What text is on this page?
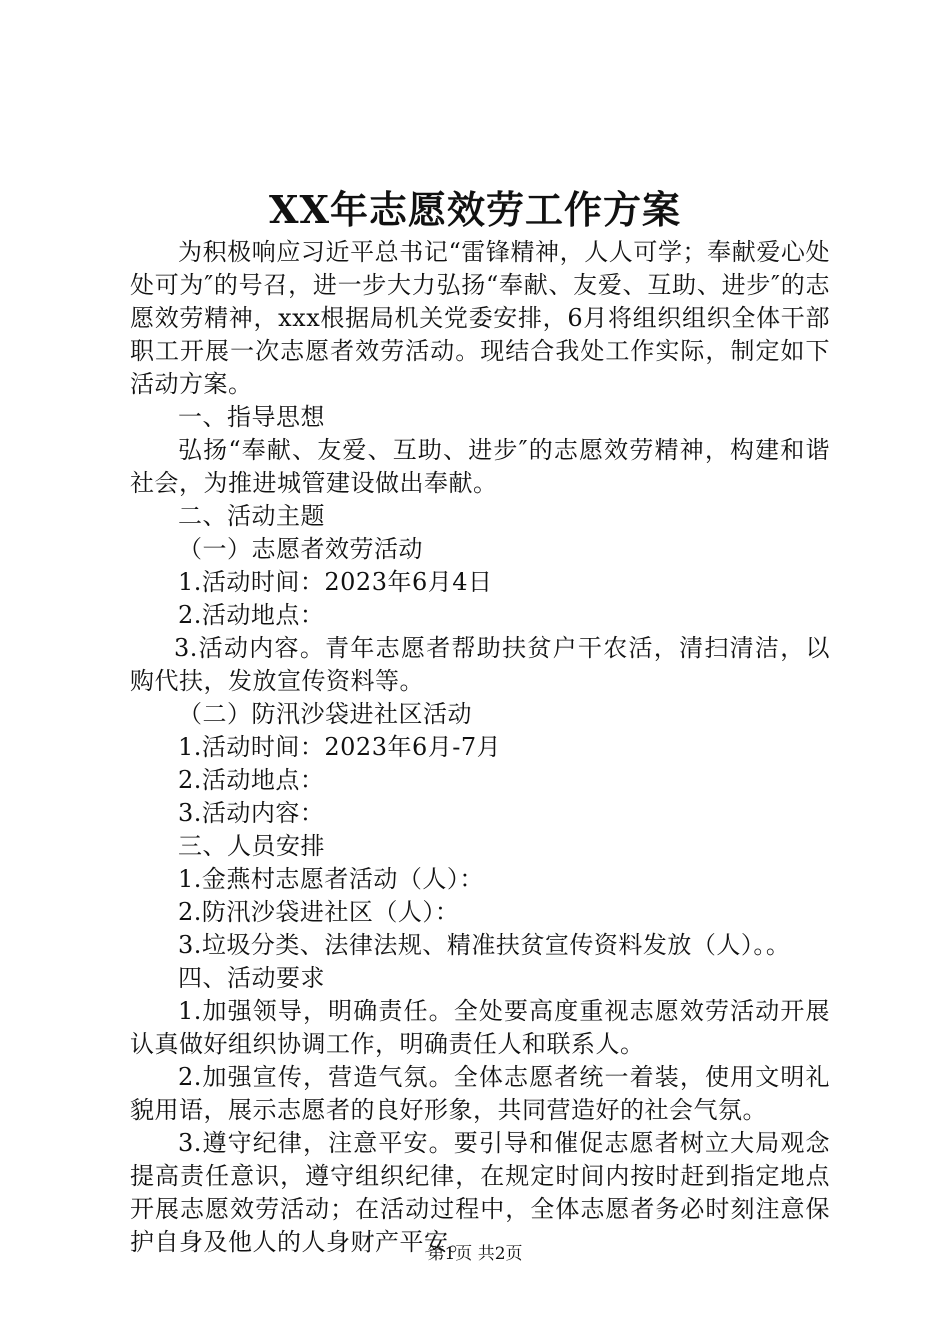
XX年志愿效劳工作方案

为积极响应习近平总书记“雷锋精神，人人可学；奉献爱心处处可为″的号召，进一步大力弘扬“奉献、友爱、互助、进步″的志愿效劳精神，xxx根据局机关党委安排，6月将组织组织全体干部职工开展一次志愿者效劳活动。现结合我处工作实际，制定如下活动方案。

一、指导思想

弘扬“奉献、友爱、互助、进步″的志愿效劳精神，构建和谐社会，为推进城管建设做出奉献。

二、活动主题

（一）志愿者效劳活动

1.活动时间：2023年6月4日

2.活动地点：

3.活动内容。青年志愿者帮助扶贫户干农活，清扫清洁，以购代扶，发放宣传资料等。

（二）防汛沙袋进社区活动

1.活动时间：2023年6月-7月

2.活动地点：

3.活动内容：

三、人员安排

1.金燕村志愿者活动（人）：

2.防汛沙袋进社区（人）：

3.垃圾分类、法律法规、精准扶贫宣传资料发放（人）。。

四、活动要求

1.加强领导，明确责任。全处要高度重视志愿效劳活动开展认真做好组织协调工作，明确责任人和联系人。

2.加强宣传，营造气氛。全体志愿者统一着装，使用文明礼貌用语，展示志愿者的良好形象，共同营造好的社会气氛。

3.遵守纪律，注意平安。要引导和催促志愿者树立大局观念提高责任意识，遵守组织纪律，在规定时间内按时赶到指定地点开展志愿效劳活动；在活动过程中，全体志愿者务必时刻注意保护自身及他人的人身财产平安。

第1页 共2页
